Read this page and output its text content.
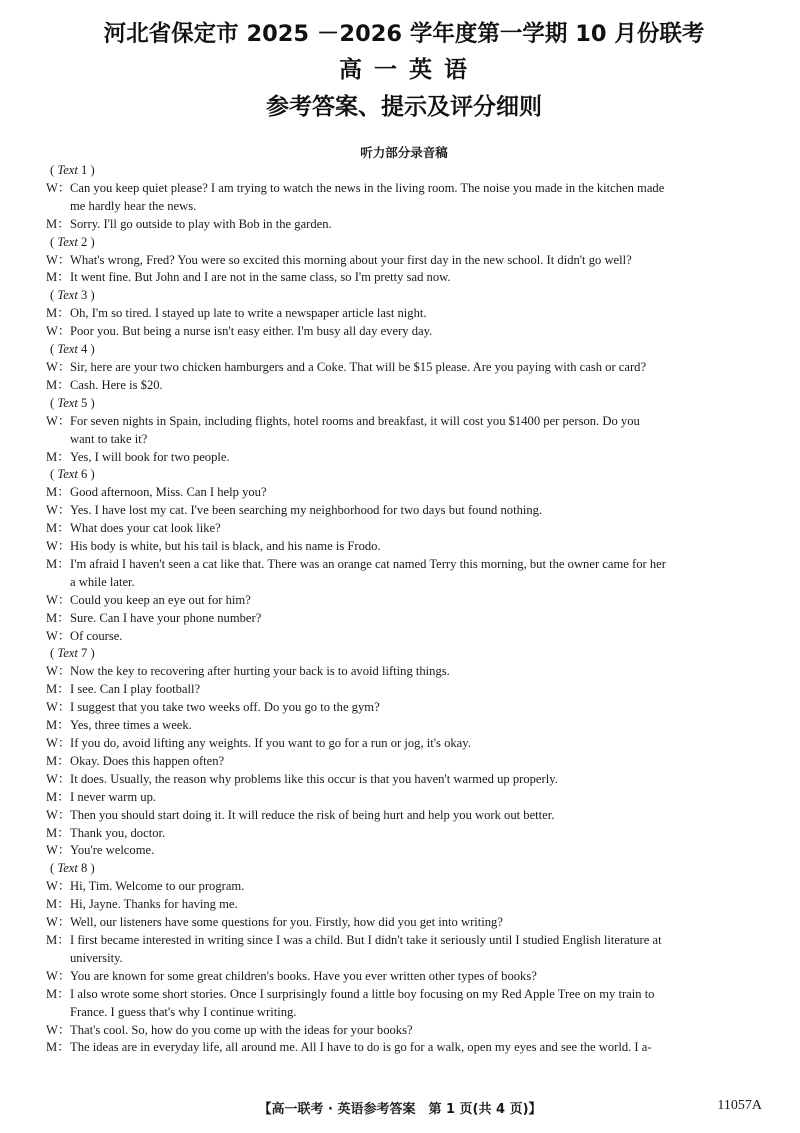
河北省保定市 2025 －2026 学年度第一学期 10 月份联考
高 一 英 语
参考答案、提示及评分细则
听力部分录音稿
( Text 1 )
W： Can you keep quiet please? I am trying to watch the news in the living room. The noise you made in the kitchen made
me hardly hear the news.
M： Sorry. I'll go outside to play with Bob in the garden.
( Text 2 )
W： What's wrong, Fred? You were so excited this morning about your first day in the new school. It didn't go well?
M： It went fine. But John and I are not in the same class, so I'm pretty sad now.
( Text 3 )
M： Oh, I'm so tired. I stayed up late to write a newspaper article last night.
W： Poor you. But being a nurse isn't easy either. I'm busy all day every day.
( Text 4 )
W： Sir, here are your two chicken hamburgers and a Coke. That will be $15 please. Are you paying with cash or card?
M： Cash. Here is $20.
( Text 5 )
W： For seven nights in Spain, including flights, hotel rooms and breakfast, it will cost you $1400 per person. Do you
want to take it?
M： Yes, I will book for two people.
( Text 6 )
M： Good afternoon, Miss. Can I help you?
W： Yes. I have lost my cat. I've been searching my neighborhood for two days but found nothing.
M： What does your cat look like?
W： His body is white, but his tail is black, and his name is Frodo.
M： I'm afraid I haven't seen a cat like that. There was an orange cat named Terry this morning, but the owner came for her
a while later.
W： Could you keep an eye out for him?
M： Sure. Can I have your phone number?
W： Of course.
( Text 7 )
W： Now the key to recovering after hurting your back is to avoid lifting things.
M： I see. Can I play football?
W： I suggest that you take two weeks off. Do you go to the gym?
M： Yes, three times a week.
W： If you do, avoid lifting any weights. If you want to go for a run or jog, it's okay.
M： Okay. Does this happen often?
W： It does. Usually, the reason why problems like this occur is that you haven't warmed up properly.
M： I never warm up.
W： Then you should start doing it. It will reduce the risk of being hurt and help you work out better.
M： Thank you, doctor.
W： You're welcome.
( Text 8 )
W： Hi, Tim. Welcome to our program.
M： Hi, Jayne. Thanks for having me.
W： Well, our listeners have some questions for you. Firstly, how did you get into writing?
M： I first became interested in writing since I was a child. But I didn't take it seriously until I studied English literature at
university.
W： You are known for some great children's books. Have you ever written other types of books?
M： I also wrote some short stories. Once I surprisingly found a little boy focusing on my Red Apple Tree on my train to
France. I guess that's why I continue writing.
W： That's cool. So, how do you come up with the ideas for your books?
M： The ideas are in everyday life, all around me. All I have to do is go for a walk, open my eyes and see the world. I a-
【高一联考 · 英语参考答案　第 1 页(共 4 页)】	11057A
